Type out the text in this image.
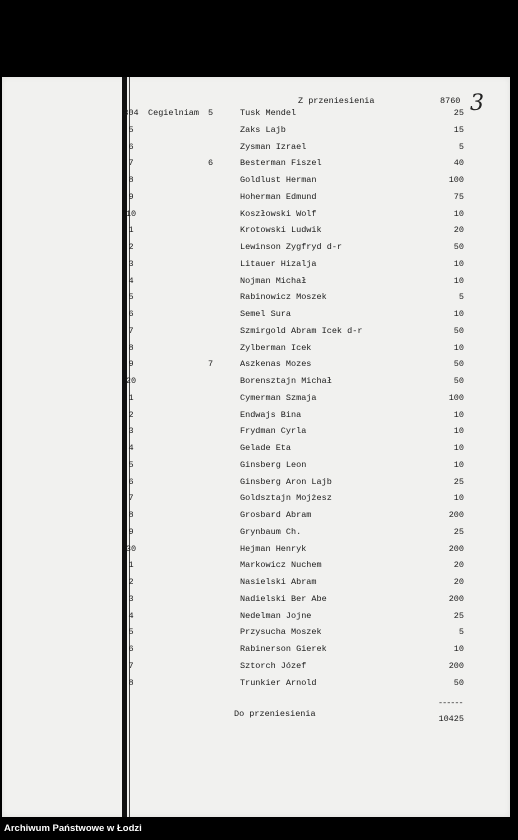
Z przeniesienia	8760 3
304	Cegielniam 5	Tusk Mendel	25
5	Zaks Lajb	15
6	Zysman Izrael	5
7	6	Besterman Fiszel	40
8	Goldlust Herman	100
9	Hoherman Edmund	75
10	Koszłowski Wolf	10
1	Krotowski Ludwik	20
2	Lewinson Zygfryd d-r	50
3	Litauer Hizalja	10
4	Nojman Michał	10
5	Rabinowicz Moszek	5
6	Semel Sura	10
7	Szmirgold Abram Icek d-r	50
8	Zylberman Icek	10
9	7	Aszkenas Mozes	50
20	Borensztajn Michał	50
1	Cymerman Szmaja	100
2	Endwajs Bina	10
3	Frydman Cyrla	10
4	Gelade Eta	10
5	Ginsberg Leon	10
6	Ginsberg Aron Lajb	25
7	Goldsztajn Mojżesz	10
8	Grosbard Abram	200
9	Grynbaum Ch.	25
30	Hejman Henryk	200
1	Markowicz Nuchem	20
2	Nasielski Abram	20
3	Nadielski Ber Abe	200
4	Nedelman Jojne	25
5	Przysucha Moszek	5
6	Rabinerson Gierek	10
7	Sztorch Józef	200
8	Trunkier Arnold	50
------
Do przeniesienia	10425
Archiwum Państwowe w Łodzi
